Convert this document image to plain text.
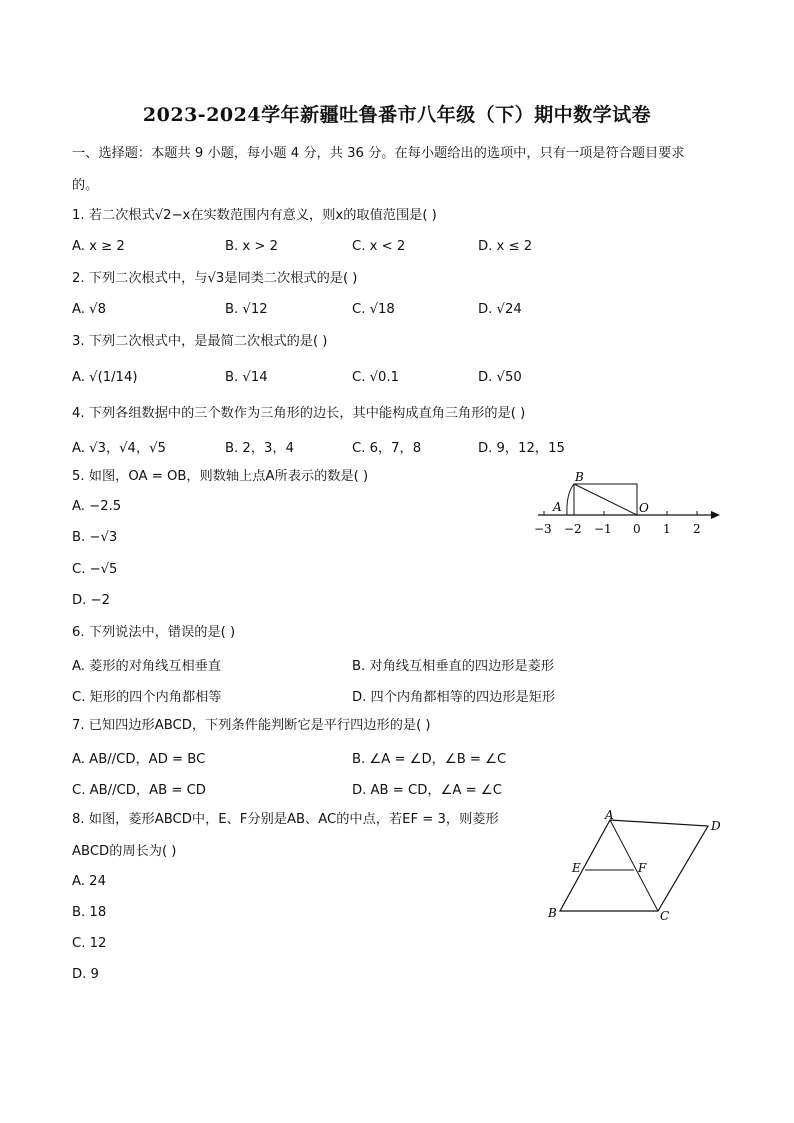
2023-2024学年新疆吐鲁番市八年级（下）期中数学试卷
一、选择题：本题共 9 小题，每小题 4 分，共 36 分。在每小题给出的选项中，只有一项是符合题目要求
的。
1. 若二次根式√2−x在实数范围内有意义，则x的取值范围是( )
A. x ≥ 2	B. x > 2	C. x < 2	D. x ≤ 2
2. 下列二次根式中，与√3是同类二次根式的是( )
A. √8	B. √12	C. √18	D. √24
3. 下列二次根式中，是最简二次根式的是( )
A. √(1/14)	B. √14	C. √0.1	D. √50
4. 下列各组数据中的三个数作为三角形的边长，其中能构成直角三角形的是( )
A. √3，√4，√5	B. 2，3，4	C. 6，7，8	D. 9，12，15
5. 如图，OA = OB，则数轴上点A所表示的数是( )
A. −2.5
B. −√3
C. −√5
D. −2
B
A	O
−3 −2 −1 0 1 2
6. 下列说法中，错误的是( )
A. 菱形的对角线互相垂直	B. 对角线互相垂直的四边形是菱形
C. 矩形的四个内角都相等	D. 四个内角都相等的四边形是矩形
7. 已知四边形ABCD，下列条件能判断它是平行四边形的是( )
A. AB//CD，AD = BC	B. ∠A = ∠D，∠B = ∠C
C. AB//CD，AB = CD	D. AB = CD，∠A = ∠C
8. 如图，菱形ABCD中，E、F分别是AB、AC的中点，若EF = 3，则菱形
ABCD的周长为( )
A. 24
B. 18
C. 12
D. 9
A
D
E	F
B	C
